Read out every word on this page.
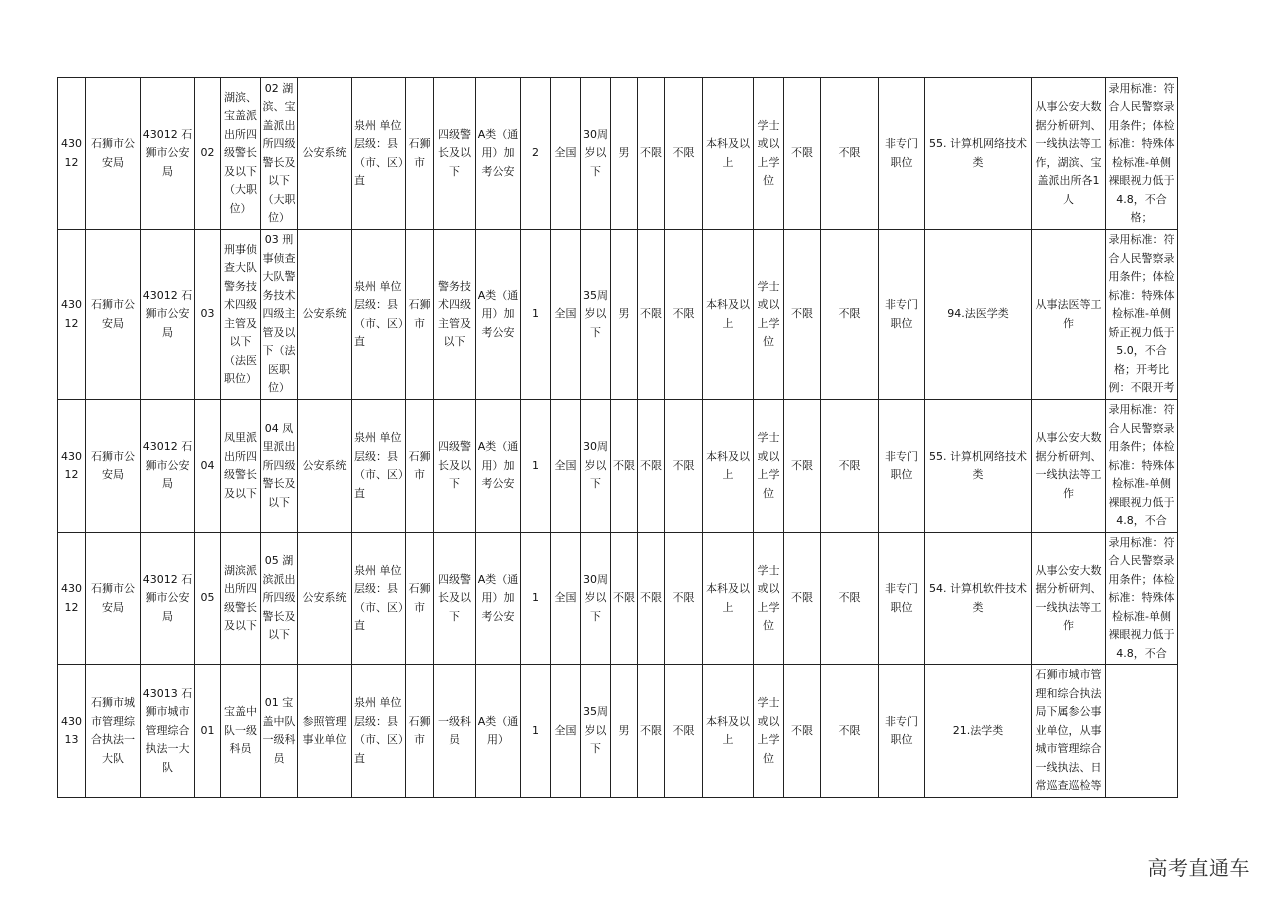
43012	石狮市公安局	43012 石狮市公安局	02	湖滨、宝盖派出所四级警长及以下（大职位）	02 湖滨、宝盖派出所四级警长及以下（大职位）	公安系统	泉州 单位层级：县（市、区）直	石狮市	四级警长及以下	A类（通用）加考公安	2	全国	30周岁以下	男	不限	不限	本科及以上	学士或以上学位	不限	不限	非专门职位	55. 计算机网络技术类	从事公安大数据分析研判、一线执法等工作，湖滨、宝盖派出所各1人	录用标准：符合人民警察录用条件；体检标准：特殊体检标准-单侧裸眼视力低于4.8，不合格；
43012	石狮市公安局	43012 石狮市公安局	03	刑事侦查大队警务技术四级主管及以下（法医职位）	03 刑事侦查大队警务技术四级主管及以下（法医职位）	公安系统	泉州 单位层级：县（市、区）直	石狮市	警务技术四级主管及以下	A类（通用）加考公安	1	全国	35周岁以下	男	不限	不限	本科及以上	学士或以上学位	不限	不限	非专门职位	94.法医学类	从事法医等工作	录用标准：符合人民警察录用条件；体检标准：特殊体检标准-单侧矫正视力低于5.0，不合格；开考比例：不限开考
43012	石狮市公安局	43012 石狮市公安局	04	凤里派出所四级警长及以下	04 凤里派出所四级警长及以下	公安系统	泉州 单位层级：县（市、区）直	石狮市	四级警长及以下	A类（通用）加考公安	1	全国	30周岁以下	不限	不限	不限	本科及以上	学士或以上学位	不限	不限	非专门职位	55. 计算机网络技术类	从事公安大数据分析研判、一线执法等工作	录用标准：符合人民警察录用条件；体检标准：特殊体检标准-单侧裸眼视力低于4.8，不合
43012	石狮市公安局	43012 石狮市公安局	05	湖滨派出所四级警长及以下	05 湖滨派出所四级警长及以下	公安系统	泉州 单位层级：县（市、区）直	石狮市	四级警长及以下	A类（通用）加考公安	1	全国	30周岁以下	不限	不限	不限	本科及以上	学士或以上学位	不限	不限	非专门职位	54. 计算机软件技术类	从事公安大数据分析研判、一线执法等工作	录用标准：符合人民警察录用条件；体检标准：特殊体检标准-单侧裸眼视力低于4.8，不合
43013	石狮市城市管理综合执法一大队	43013 石狮市城市管理综合执法一大队	01	宝盖中队一级科员	01 宝盖中队一级科员	参照管理事业单位	泉州 单位层级：县（市、区）直	石狮市	一级科员	A类（通用）	1	全国	35周岁以下	男	不限	不限	本科及以上	学士或以上学位	不限	不限	非专门职位	21.法学类	石狮市城市管理和综合执法局下属参公事业单位，从事城市管理综合一线执法、日常巡查巡检等	
高考直通车
